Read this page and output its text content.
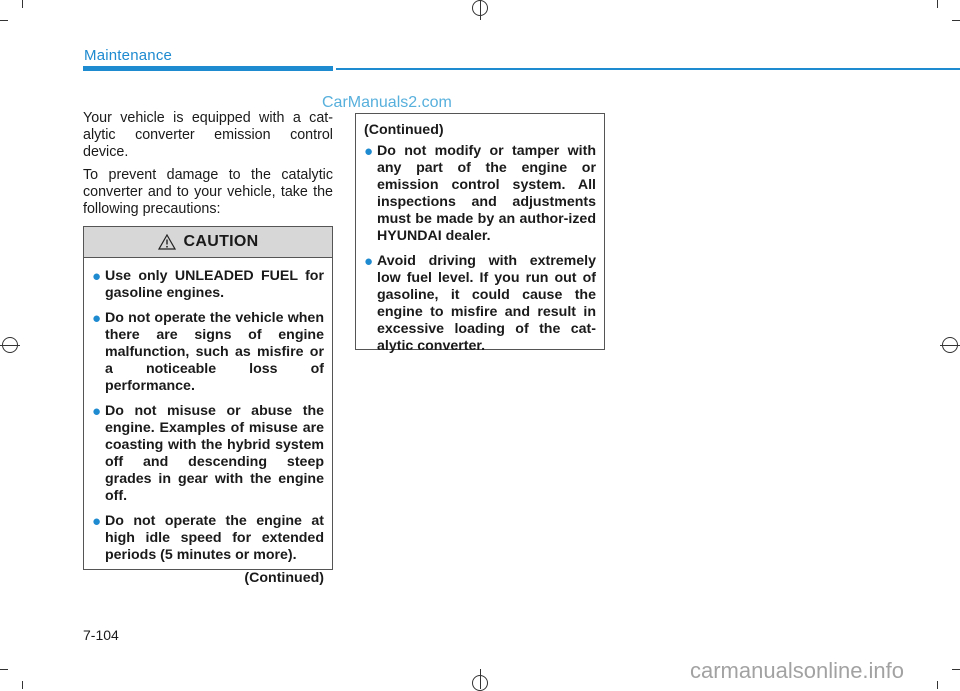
Maintenance
CarManuals2.com

Your vehicle is equipped with a cat-alytic converter emission control device.

To prevent damage to the catalytic converter and to your vehicle, take the following precautions:

CAUTION
● Use only UNLEADED FUEL for gasoline engines.
● Do not operate the vehicle when there are signs of engine malfunction, such as misfire or a noticeable loss of performance.
● Do not misuse or abuse the engine. Examples of misuse are coasting with the hybrid system off and descending steep grades in gear with the engine off.
● Do not operate the engine at high idle speed for extended periods (5 minutes or more).
(Continued)
(Continued)
● Do not modify or tamper with any part of the engine or emission control system. All inspections and adjustments must be made by an author-ized HYUNDAI dealer.
● Avoid driving with extremely low fuel level. If you run out of gasoline, it could cause the engine to misfire and result in excessive loading of the cat-alytic converter.
7-104
carmanualsonline.info
